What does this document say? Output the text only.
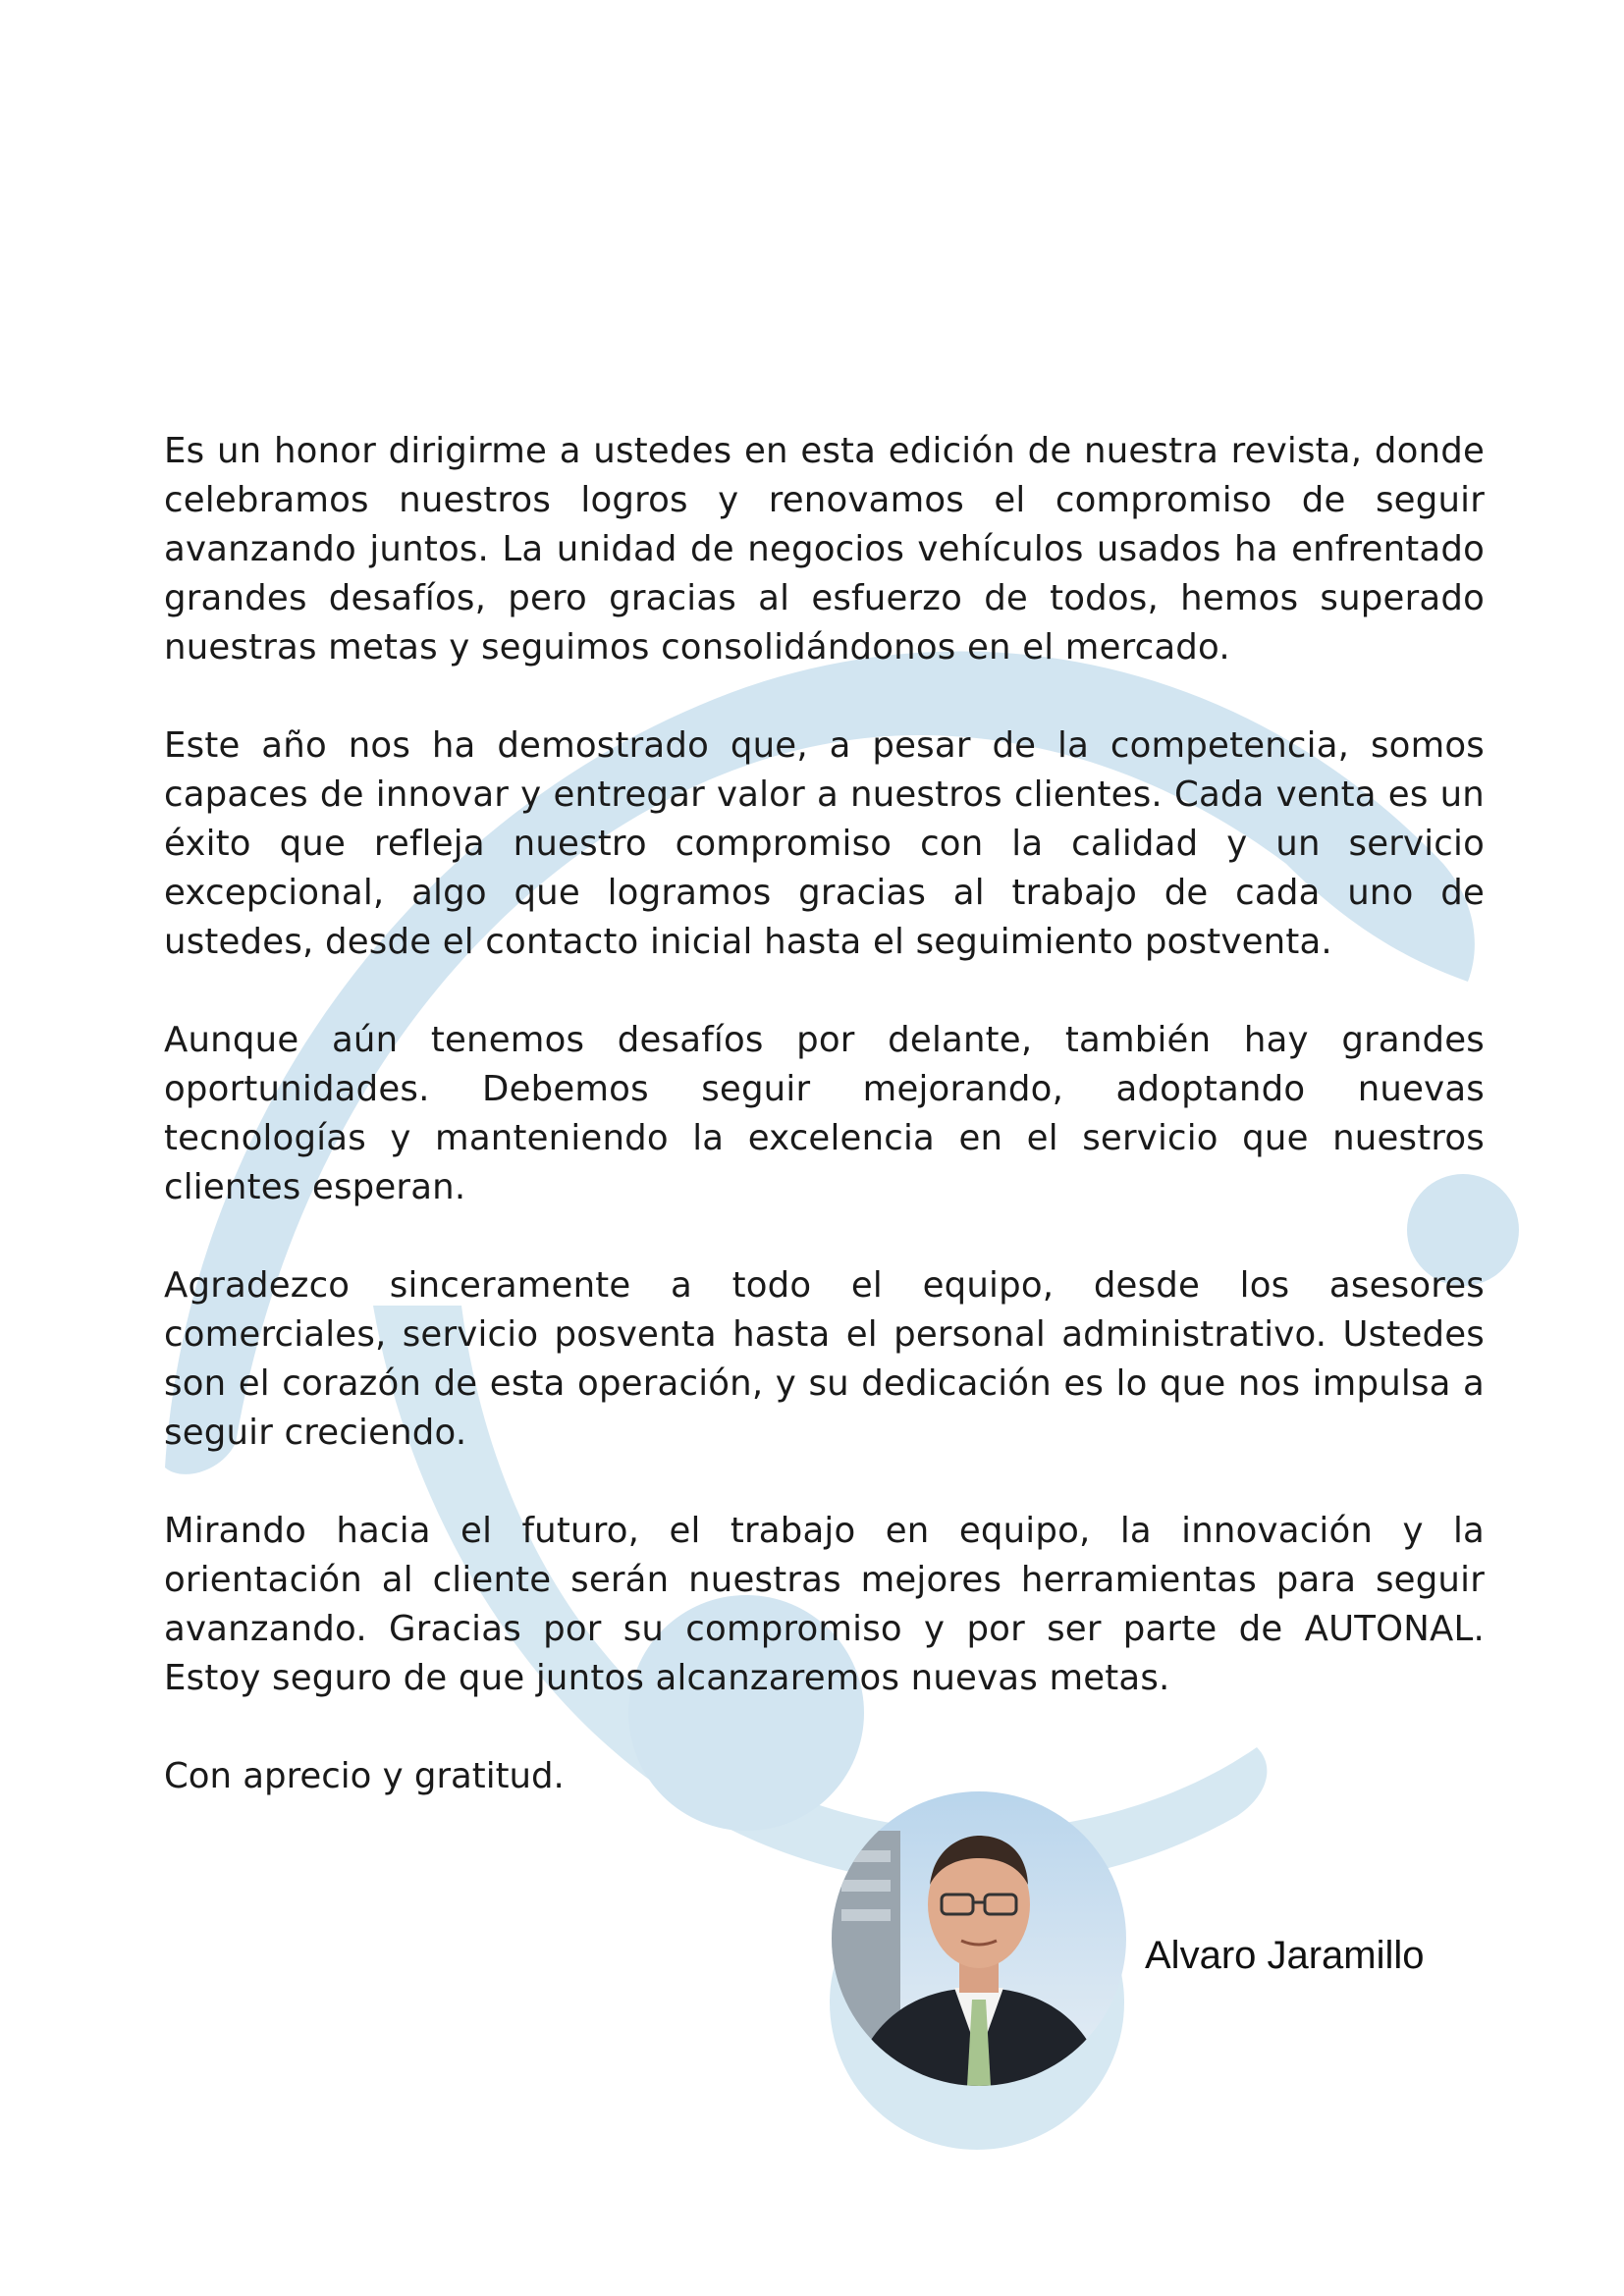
Es un honor dirigirme a ustedes en esta edición de nuestra revista, donde celebramos nuestros logros y renovamos el compromiso de seguir avanzando juntos. La unidad de negocios vehículos usados ha enfrentado grandes desafíos, pero gracias al esfuerzo de todos, hemos superado nuestras metas y seguimos consolidándonos en el mercado.

Este año nos ha demostrado que, a pesar de la competencia, somos capaces de innovar y entregar valor a nuestros clientes. Cada venta es un éxito que refleja nuestro compromiso con la calidad y un servicio excepcional, algo que logramos gracias al trabajo de cada uno de ustedes, desde el contacto inicial hasta el seguimiento postventa.

Aunque aún tenemos desafíos por delante, también hay grandes oportunidades. Debemos seguir mejorando, adoptando nuevas tecnologías y manteniendo la excelencia en el servicio que nuestros clientes esperan.

Agradezco sinceramente a todo el equipo, desde los asesores comerciales, servicio posventa hasta el personal administrativo. Ustedes son el corazón de esta operación, y su dedicación es lo que nos impulsa a seguir creciendo.

Mirando hacia el futuro, el trabajo en equipo, la innovación y la orientación al cliente serán nuestras mejores herramientas para seguir avanzando. Gracias por su compromiso y por ser parte de AUTONAL. Estoy seguro de que juntos alcanzaremos nuevas metas.

Con aprecio y gratitud.

Alvaro Jaramillo
